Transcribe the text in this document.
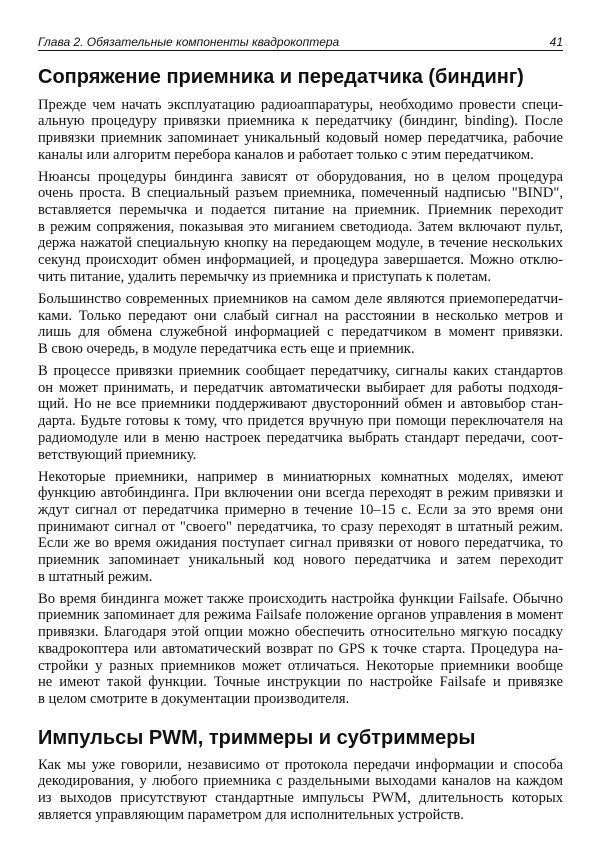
Глава 2. Обязательные компоненты квадрокоптера	41
Сопряжение приемника и передатчика (биндинг)
Прежде чем начать эксплуатацию радиоаппаратуры, необходимо провести специ-
альную процедуру привязки приемника к передатчику (биндинг, binding). После
привязки приемник запоминает уникальный кодовый номер передатчика, рабочие
каналы или алгоритм перебора каналов и работает только с этим передатчиком.
Нюансы процедуры биндинга зависят от оборудования, но в целом процедура
очень проста. В специальный разъем приемника, помеченный надписью "BIND",
вставляется перемычка и подается питание на приемник. Приемник переходит
в режим сопряжения, показывая это миганием светодиода. Затем включают пульт,
держа нажатой специальную кнопку на передающем модуле, в течение нескольких
секунд происходит обмен информацией, и процедура завершается. Можно отклю-
чить питание, удалить перемычку из приемника и приступать к полетам.
Большинство современных приемников на самом деле являются приемопередатчи-
ками. Только передают они слабый сигнал на расстоянии в несколько метров и
лишь для обмена служебной информацией с передатчиком в момент привязки.
В свою очередь, в модуле передатчика есть еще и приемник.
В процессе привязки приемник сообщает передатчику, сигналы каких стандартов
он может принимать, и передатчик автоматически выбирает для работы подходя-
щий. Но не все приемники поддерживают двусторонний обмен и автовыбор стан-
дарта. Будьте готовы к тому, что придется вручную при помощи переключателя на
радиомодуле или в меню настроек передатчика выбрать стандарт передачи, соот-
ветствующий приемнику.
Некоторые приемники, например в миниатюрных комнатных моделях, имеют
функцию автобиндинга. При включении они всегда переходят в режим привязки и
ждут сигнал от передатчика примерно в течение 10–15 с. Если за это время они
принимают сигнал от "своего" передатчика, то сразу переходят в штатный режим.
Если же во время ожидания поступает сигнал привязки от нового передатчика, то
приемник запоминает уникальный код нового передатчика и затем переходит
в штатный режим.
Во время биндинга может также происходить настройка функции Failsafe. Обычно
приемник запоминает для режима Failsafe положение органов управления в момент
привязки. Благодаря этой опции можно обеспечить относительно мягкую посадку
квадрокоптера или автоматический возврат по GPS к точке старта. Процедура на-
стройки у разных приемников может отличаться. Некоторые приемники вообще
не имеют такой функции. Точные инструкции по настройке Failsafe и привязке
в целом смотрите в документации производителя.
Импульсы PWM, триммеры и субтриммеры
Как мы уже говорили, независимо от протокола передачи информации и способа
декодирования, у любого приемника с раздельными выходами каналов на каждом
из выходов присутствуют стандартные импульсы PWM, длительность которых
является управляющим параметром для исполнительных устройств.
